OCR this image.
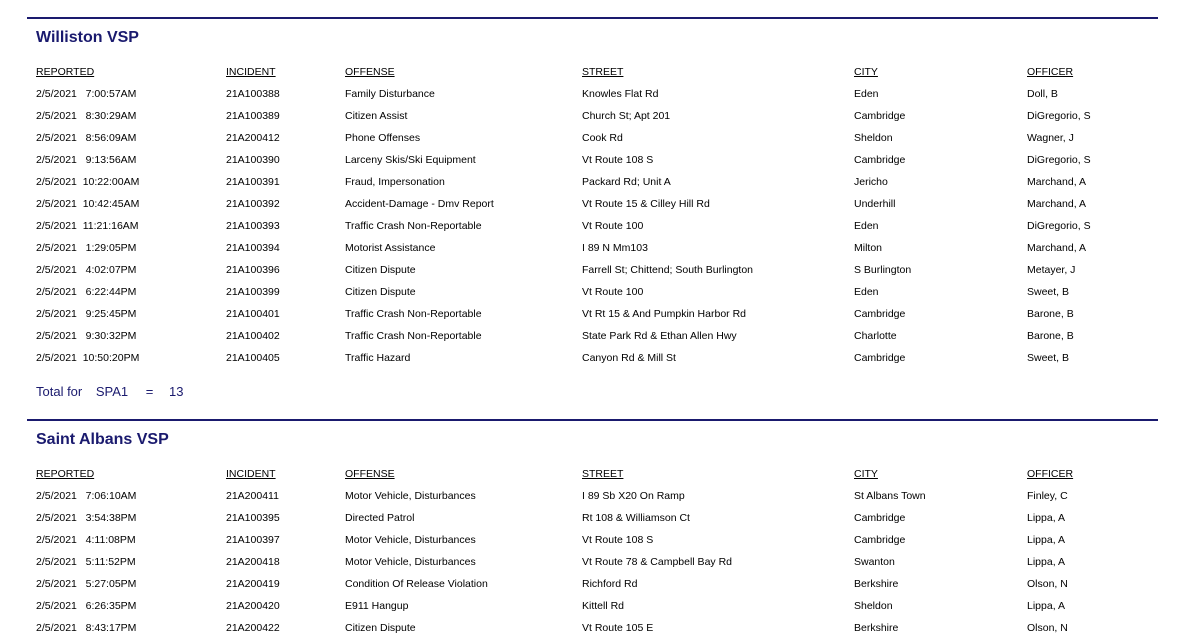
Williston VSP
REPORTED	INCIDENT	OFFENSE	STREET	CITY	OFFICER
2/5/2021   7:00:57AM	21A100388	Family Disturbance	Knowles Flat Rd	Eden	Doll, B
2/5/2021   8:30:29AM	21A100389	Citizen Assist	Church St; Apt 201	Cambridge	DiGregorio, S
2/5/2021   8:56:09AM	21A200412	Phone Offenses	Cook Rd	Sheldon	Wagner, J
2/5/2021   9:13:56AM	21A100390	Larceny Skis/Ski Equipment	Vt Route 108 S	Cambridge	DiGregorio, S
2/5/2021  10:22:00AM	21A100391	Fraud, Impersonation	Packard Rd; Unit A	Jericho	Marchand, A
2/5/2021  10:42:45AM	21A100392	Accident-Damage - Dmv Report	Vt Route 15 & Cilley Hill Rd	Underhill	Marchand, A
2/5/2021  11:21:16AM	21A100393	Traffic Crash Non-Reportable	Vt Route 100	Eden	DiGregorio, S
2/5/2021   1:29:05PM	21A100394	Motorist Assistance	I 89 N Mm103	Milton	Marchand, A
2/5/2021   4:02:07PM	21A100396	Citizen Dispute	Farrell St; Chittend; South Burlington	S Burlington	Metayer, J
2/5/2021   6:22:44PM	21A100399	Citizen Dispute	Vt Route 100	Eden	Sweet, B
2/5/2021   9:25:45PM	21A100401	Traffic Crash Non-Reportable	Vt Rt 15 & And Pumpkin Harbor Rd	Cambridge	Barone, B
2/5/2021   9:30:32PM	21A100402	Traffic Crash Non-Reportable	State Park Rd & Ethan Allen Hwy	Charlotte	Barone, B
2/5/2021  10:50:20PM	21A100405	Traffic Hazard	Canyon Rd & Mill St	Cambridge	Sweet, B
Total for SPA1 = 13
Saint Albans VSP
REPORTED	INCIDENT	OFFENSE	STREET	CITY	OFFICER
2/5/2021   7:06:10AM	21A200411	Motor Vehicle, Disturbances	I 89 Sb X20 On Ramp	St Albans Town	Finley, C
2/5/2021   3:54:38PM	21A100395	Directed Patrol	Rt 108 & Williamson Ct	Cambridge	Lippa, A
2/5/2021   4:11:08PM	21A100397	Motor Vehicle, Disturbances	Vt Route 108 S	Cambridge	Lippa, A
2/5/2021   5:11:52PM	21A200418	Motor Vehicle, Disturbances	Vt Route 78 & Campbell Bay Rd	Swanton	Lippa, A
2/5/2021   5:27:05PM	21A200419	Condition Of Release Violation	Richford Rd	Berkshire	Olson, N
2/5/2021   6:26:35PM	21A200420	E911 Hangup	Kittell Rd	Sheldon	Lippa, A
2/5/2021   8:43:17PM	21A200422	Citizen Dispute	Vt Route 105 E	Berkshire	Olson, N
